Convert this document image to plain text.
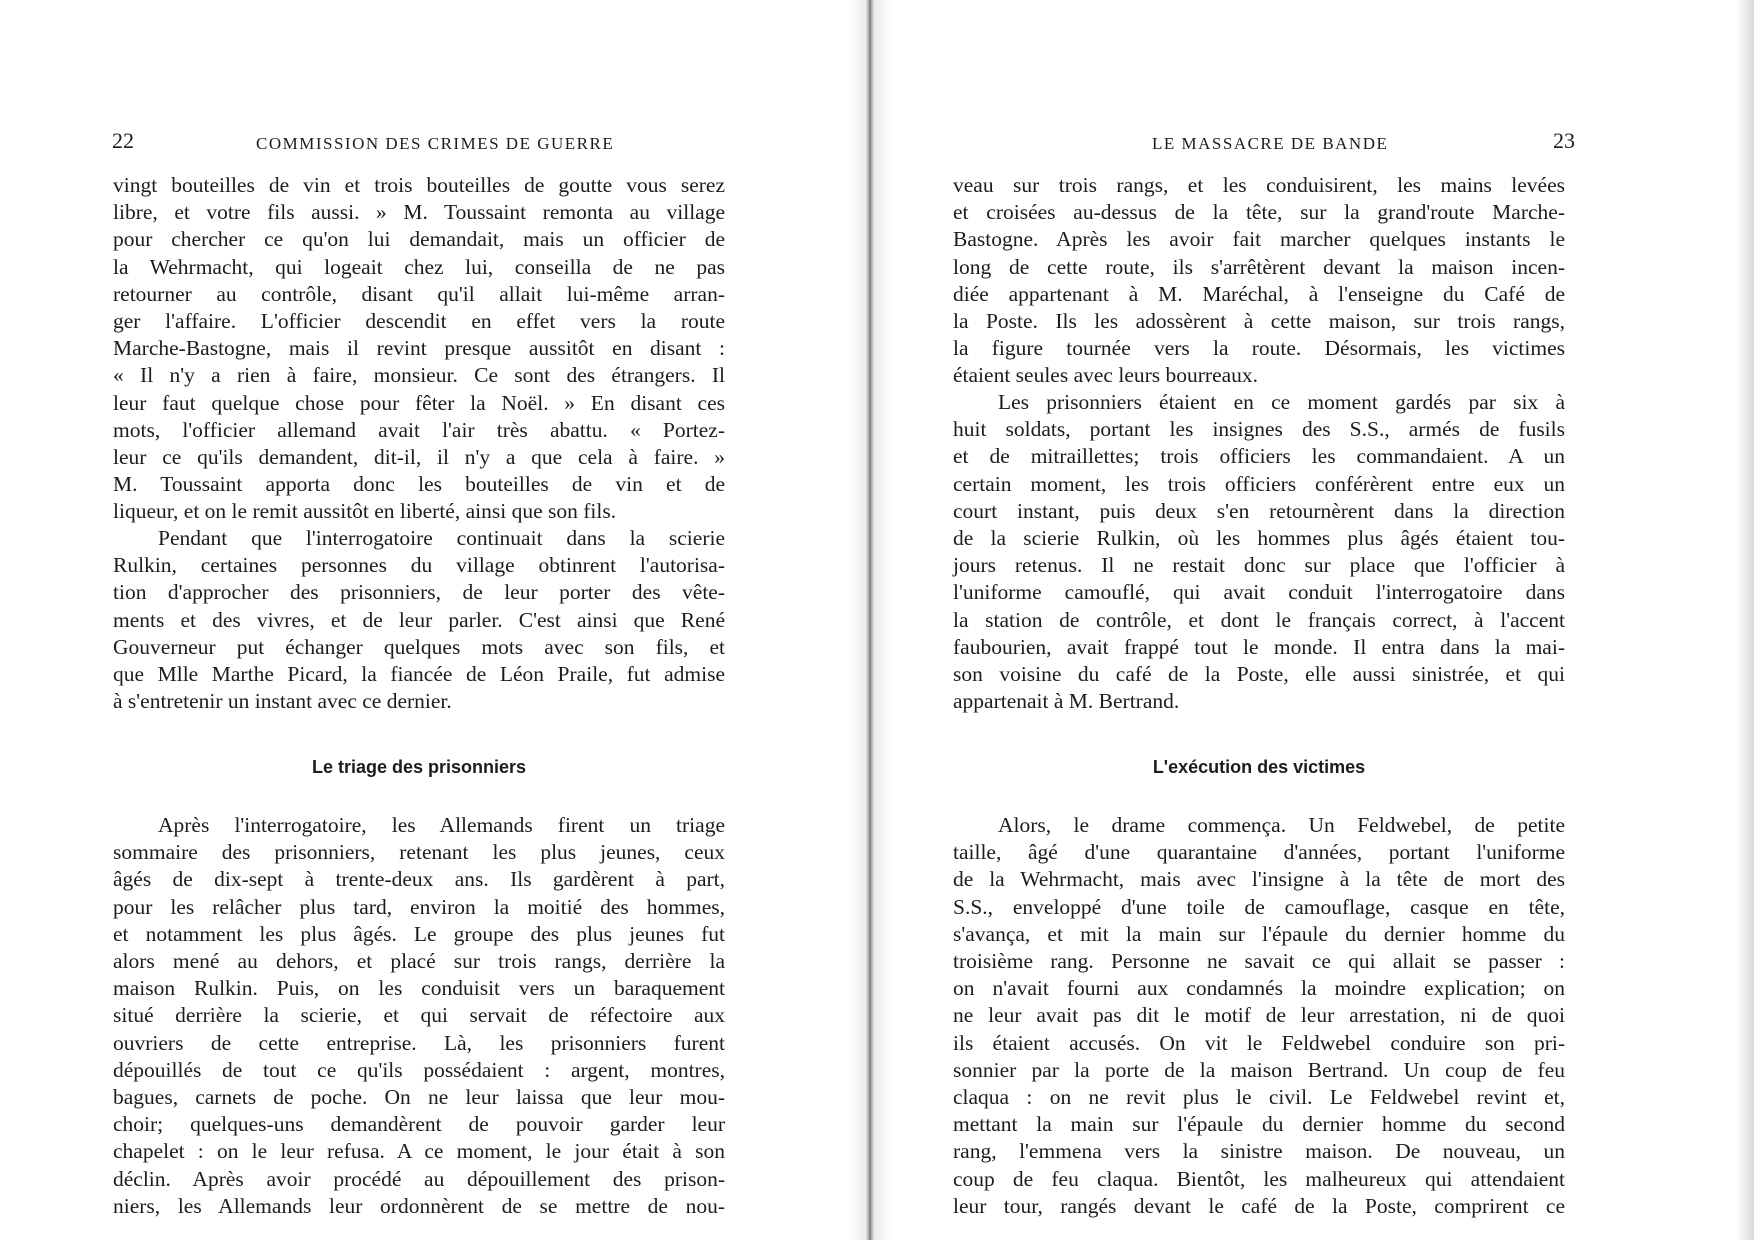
22	COMMISSION DES CRIMES DE GUERRE
vingt bouteilles de vin et trois bouteilles de goutte vous serez
libre, et votre fils aussi. » M. Toussaint remonta au village
pour chercher ce qu'on lui demandait, mais un officier de
la Wehrmacht, qui logeait chez lui, conseilla de ne pas
retourner au contrôle, disant qu'il allait lui-même arran-
ger l'affaire. L'officier descendit en effet vers la route
Marche-Bastogne, mais il revint presque aussitôt en disant :
« Il n'y a rien à faire, monsieur. Ce sont des étrangers. Il
leur faut quelque chose pour fêter la Noël. » En disant ces
mots, l'officier allemand avait l'air très abattu. « Portez-
leur ce qu'ils demandent, dit-il, il n'y a que cela à faire. »
M. Toussaint apporta donc les bouteilles de vin et de
liqueur, et on le remit aussitôt en liberté, ainsi que son fils.
Pendant que l'interrogatoire continuait dans la scierie
Rulkin, certaines personnes du village obtinrent l'autorisa-
tion d'approcher des prisonniers, de leur porter des vête-
ments et des vivres, et de leur parler. C'est ainsi que René
Gouverneur put échanger quelques mots avec son fils, et
que Mlle Marthe Picard, la fiancée de Léon Praile, fut admise
à s'entretenir un instant avec ce dernier.
Le triage des prisonniers
Après l'interrogatoire, les Allemands firent un triage
sommaire des prisonniers, retenant les plus jeunes, ceux
âgés de dix-sept à trente-deux ans. Ils gardèrent à part,
pour les relâcher plus tard, environ la moitié des hommes,
et notamment les plus âgés. Le groupe des plus jeunes fut
alors mené au dehors, et placé sur trois rangs, derrière la
maison Rulkin. Puis, on les conduisit vers un baraquement
situé derrière la scierie, et qui servait de réfectoire aux
ouvriers de cette entreprise. Là, les prisonniers furent
dépouillés de tout ce qu'ils possédaient : argent, montres,
bagues, carnets de poche. On ne leur laissa que leur mou-
choir; quelques-uns demandèrent de pouvoir garder leur
chapelet : on le leur refusa. A ce moment, le jour était à son
déclin. Après avoir procédé au dépouillement des prison-
niers, les Allemands leur ordonnèrent de se mettre de nou-
LE MASSACRE DE BANDE	23
veau sur trois rangs, et les conduisirent, les mains levées
et croisées au-dessus de la tête, sur la grand'route Marche-
Bastogne. Après les avoir fait marcher quelques instants le
long de cette route, ils s'arrêtèrent devant la maison incen-
diée appartenant à M. Maréchal, à l'enseigne du Café de
la Poste. Ils les adossèrent à cette maison, sur trois rangs,
la figure tournée vers la route. Désormais, les victimes
étaient seules avec leurs bourreaux.
Les prisonniers étaient en ce moment gardés par six à
huit soldats, portant les insignes des S.S., armés de fusils
et de mitraillettes; trois officiers les commandaient. A un
certain moment, les trois officiers conférèrent entre eux un
court instant, puis deux s'en retournèrent dans la direction
de la scierie Rulkin, où les hommes plus âgés étaient tou-
jours retenus. Il ne restait donc sur place que l'officier à
l'uniforme camouflé, qui avait conduit l'interrogatoire dans
la station de contrôle, et dont le français correct, à l'accent
faubourien, avait frappé tout le monde. Il entra dans la mai-
son voisine du café de la Poste, elle aussi sinistrée, et qui
appartenait à M. Bertrand.
L'exécution des victimes
Alors, le drame commença. Un Feldwebel, de petite
taille, âgé d'une quarantaine d'années, portant l'uniforme
de la Wehrmacht, mais avec l'insigne à la tête de mort des
S.S., enveloppé d'une toile de camouflage, casque en tête,
s'avança, et mit la main sur l'épaule du dernier homme du
troisième rang. Personne ne savait ce qui allait se passer :
on n'avait fourni aux condamnés la moindre explication; on
ne leur avait pas dit le motif de leur arrestation, ni de quoi
ils étaient accusés. On vit le Feldwebel conduire son pri-
sonnier par la porte de la maison Bertrand. Un coup de feu
claqua : on ne revit plus le civil. Le Feldwebel revint et,
mettant la main sur l'épaule du dernier homme du second
rang, l'emmena vers la sinistre maison. De nouveau, un
coup de feu claqua. Bientôt, les malheureux qui attendaient
leur tour, rangés devant le café de la Poste, comprirent ce
